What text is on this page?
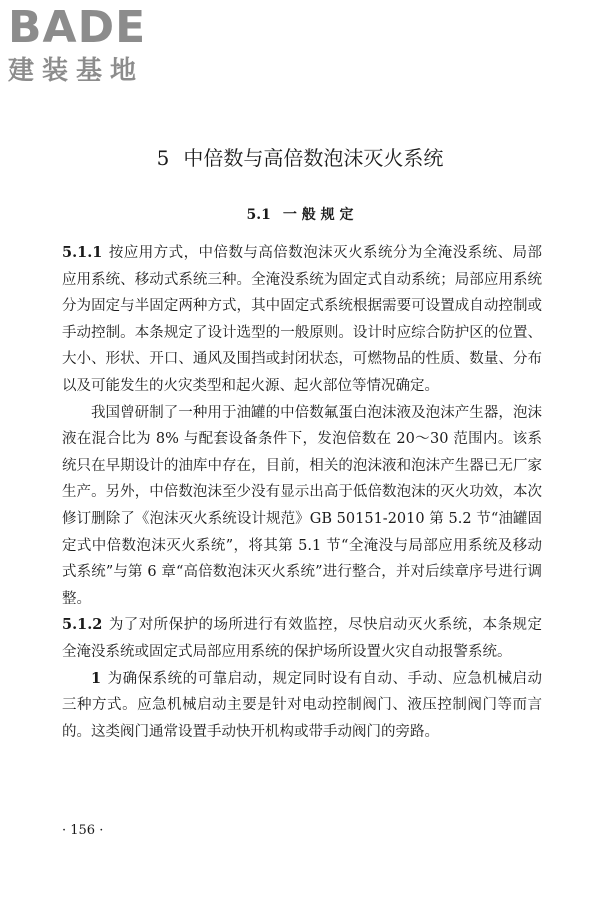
BADE
建装基地
5 中倍数与高倍数泡沫灭火系统
5.1 一 般 规 定

5.1.1 按应用方式，中倍数与高倍数泡沫灭火系统分为全淹没系统、局部应用系统、移动式系统三种。全淹没系统为固定式自动系统；局部应用系统分为固定与半固定两种方式，其中固定式系统根据需要可设置成自动控制或手动控制。本条规定了设计选型的一般原则。设计时应综合防护区的位置、大小、形状、开口、通风及围挡或封闭状态，可燃物品的性质、数量、分布以及可能发生的火灾类型和起火源、起火部位等情况确定。

我国曾研制了一种用于油罐的中倍数氟蛋白泡沫液及泡沫产生器，泡沫液在混合比为 8% 与配套设备条件下，发泡倍数在 20～30 范围内。该系统只在早期设计的油库中存在，目前，相关的泡沫液和泡沫产生器已无厂家生产。另外，中倍数泡沫至少没有显示出高于低倍数泡沫的灭火功效，本次修订删除了《泡沫灭火系统设计规范》GB 50151-2010 第 5.2 节“油罐固定式中倍数泡沫灭火系统”，将其第 5.1 节“全淹没与局部应用系统及移动式系统”与第 6 章“高倍数泡沫灭火系统”进行整合，并对后续章序号进行调整。

5.1.2 为了对所保护的场所进行有效监控，尽快启动灭火系统，本条规定全淹没系统或固定式局部应用系统的保护场所设置火灾自动报警系统。

1 为确保系统的可靠启动，规定同时设有自动、手动、应急机械启动三种方式。应急机械启动主要是针对电动控制阀门、液压控制阀门等而言的。这类阀门通常设置手动快开机构或带手动阀门的旁路。

· 156 ·
